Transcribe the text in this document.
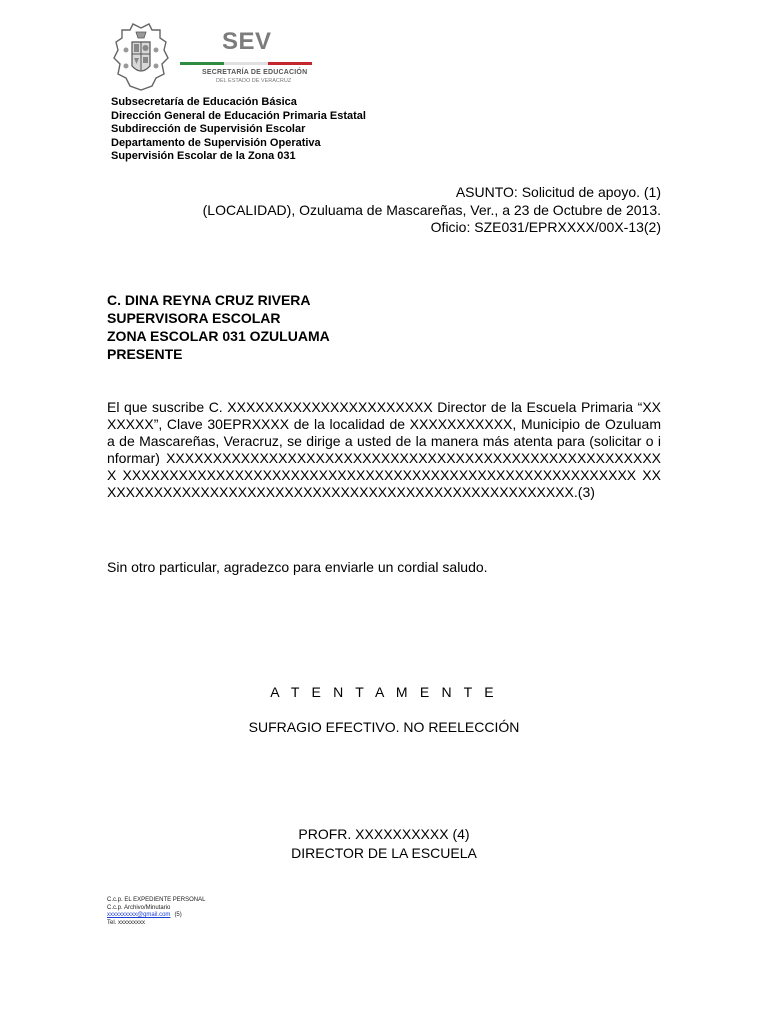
SEV
SECRETARÍA DE EDUCACIÓN
DEL ESTADO DE VERACRUZ
Subsecretaría de Educación Básica
Dirección General de Educación Primaria Estatal
Subdirección de Supervisión Escolar
Departamento de Supervisión Operativa
Supervisión Escolar de la Zona 031
ASUNTO: Solicitud de apoyo. (1)
(LOCALIDAD), Ozuluama de Mascareñas, Ver., a 23 de Octubre de 2013.
Oficio: SZE031/EPRXXXX/00X-13(2)
C. DINA REYNA CRUZ RIVERA
SUPERVISORA ESCOLAR
ZONA ESCOLAR 031 OZULUAMA
PRESENTE
El que suscribe C. XXXXXXXXXXXXXXXXXXXXXX Director de la Escuela Primaria “XXXXXXX”, Clave 30EPRXXXX de la localidad de XXXXXXXXXXX, Municipio de Ozuluama de Mascareñas, Veracruz, se dirige a usted de la manera más atenta para (solicitar o informar) XXXXXXXXXXXXXXXXXXXXXXXXXXXXXXXXXXXXXXXXXXXXXXXXXXXXXX XXXXXXXXXXXXXXXXXXXXXXXXXXXXXXXXXXXXXXXXXXXXXXXXXXXXXXX XXXXXXXXXXXXXXXXXXXXXXXXXXXXXXXXXXXXXXXXXXXXXXXXXXXX.(3)
Sin otro particular, agradezco para enviarle un cordial saludo.
A T E N T A M E N T E
SUFRAGIO EFECTIVO. NO REELECCIÓN
PROFR. XXXXXXXXXX (4)
DIRECTOR DE LA ESCUELA
C.c.p. EL EXPEDIENTE PERSONAL
C.c.p. Archivo/Minutario
xxxxxxxxxx@gmail.com (5)
Tel. xxxxxxxxx
